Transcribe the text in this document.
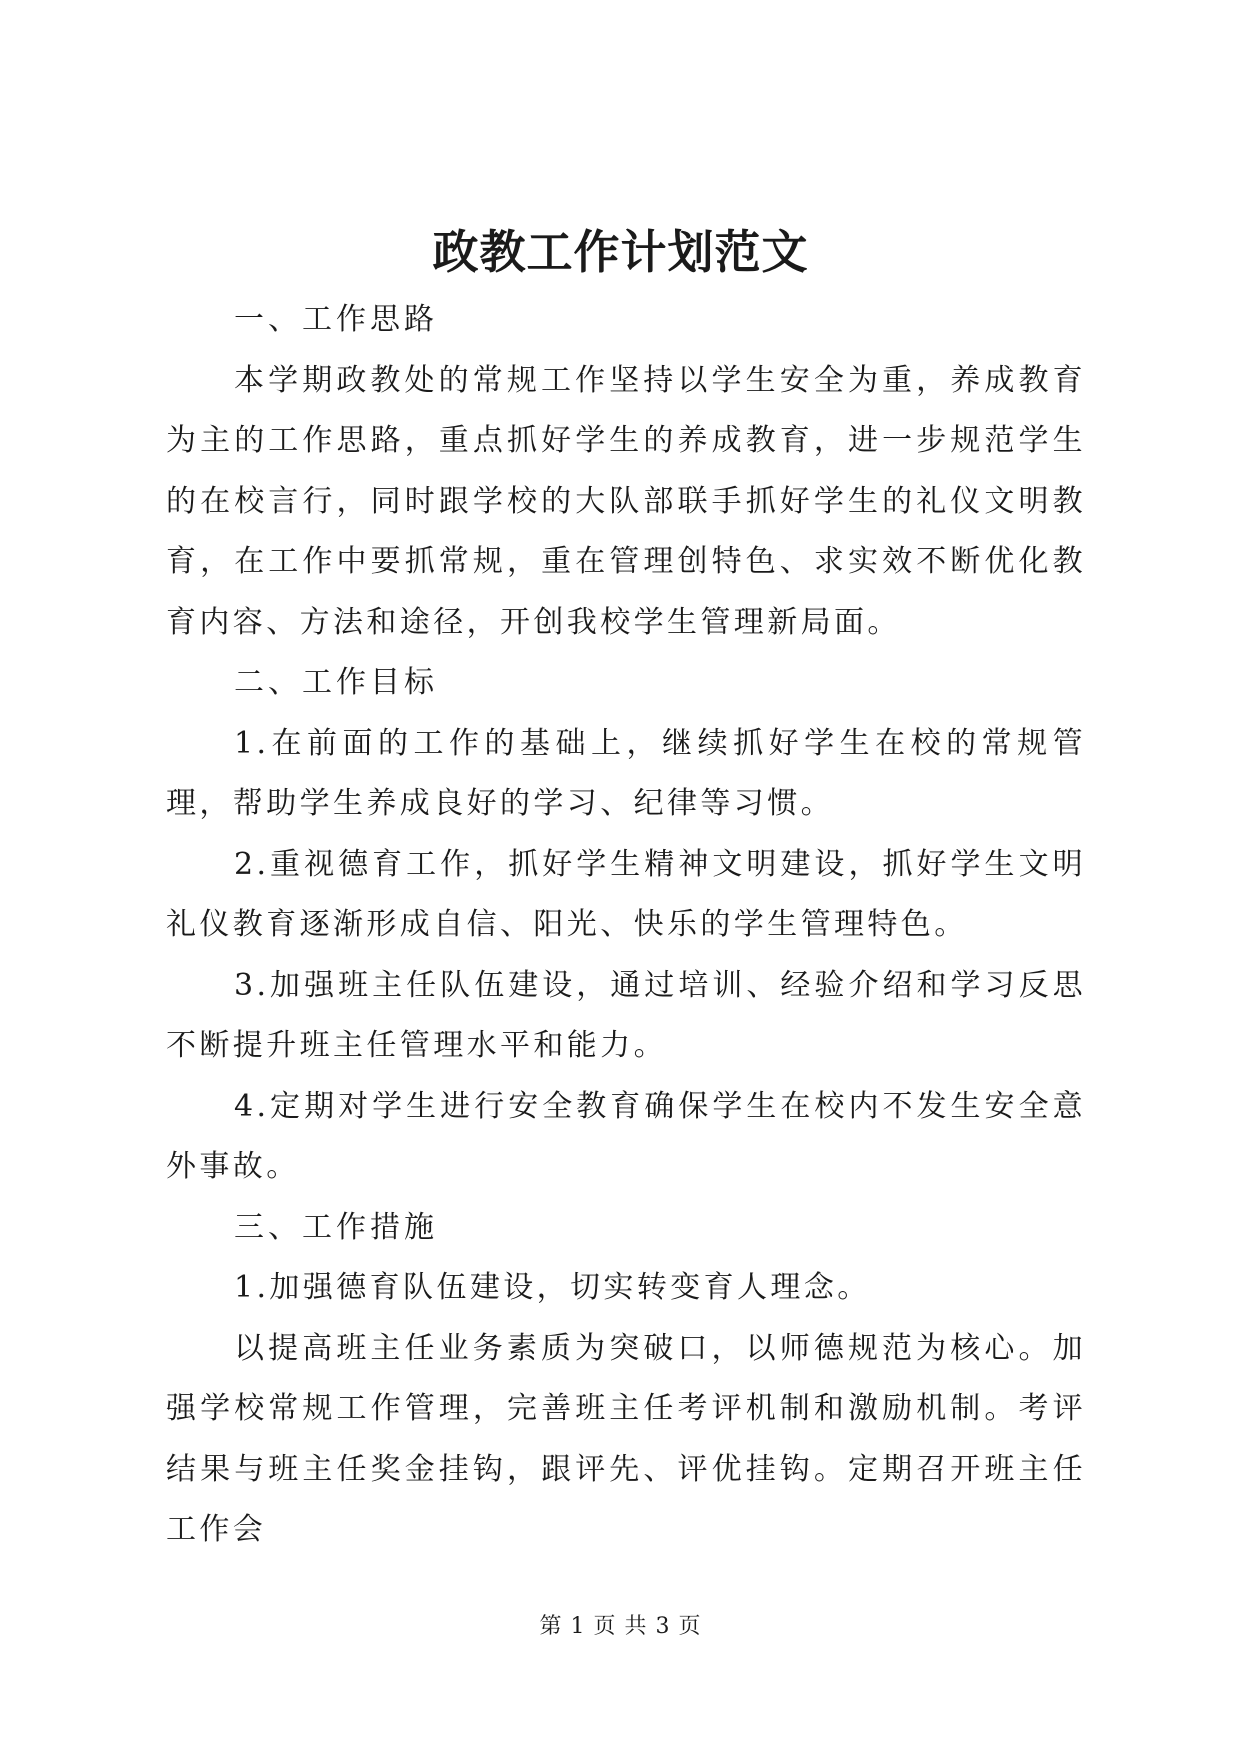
政教工作计划范文

一、工作思路

本学期政教处的常规工作坚持以学生安全为重，养成教育为主的工作思路，重点抓好学生的养成教育，进一步规范学生的在校言行，同时跟学校的大队部联手抓好学生的礼仪文明教育，在工作中要抓常规，重在管理创特色、求实效不断优化教育内容、方法和途径，开创我校学生管理新局面。

二、工作目标

1.在前面的工作的基础上，继续抓好学生在校的常规管理，帮助学生养成良好的学习、纪律等习惯。

2.重视德育工作，抓好学生精神文明建设，抓好学生文明礼仪教育逐渐形成自信、阳光、快乐的学生管理特色。

3.加强班主任队伍建设，通过培训、经验介绍和学习反思不断提升班主任管理水平和能力。

4.定期对学生进行安全教育确保学生在校内不发生安全意外事故。

三、工作措施

1.加强德育队伍建设，切实转变育人理念。

以提高班主任业务素质为突破口，以师德规范为核心。加强学校常规工作管理，完善班主任考评机制和激励机制。考评结果与班主任奖金挂钩，跟评先、评优挂钩。定期召开班主任工作会

第 1 页 共 3 页
